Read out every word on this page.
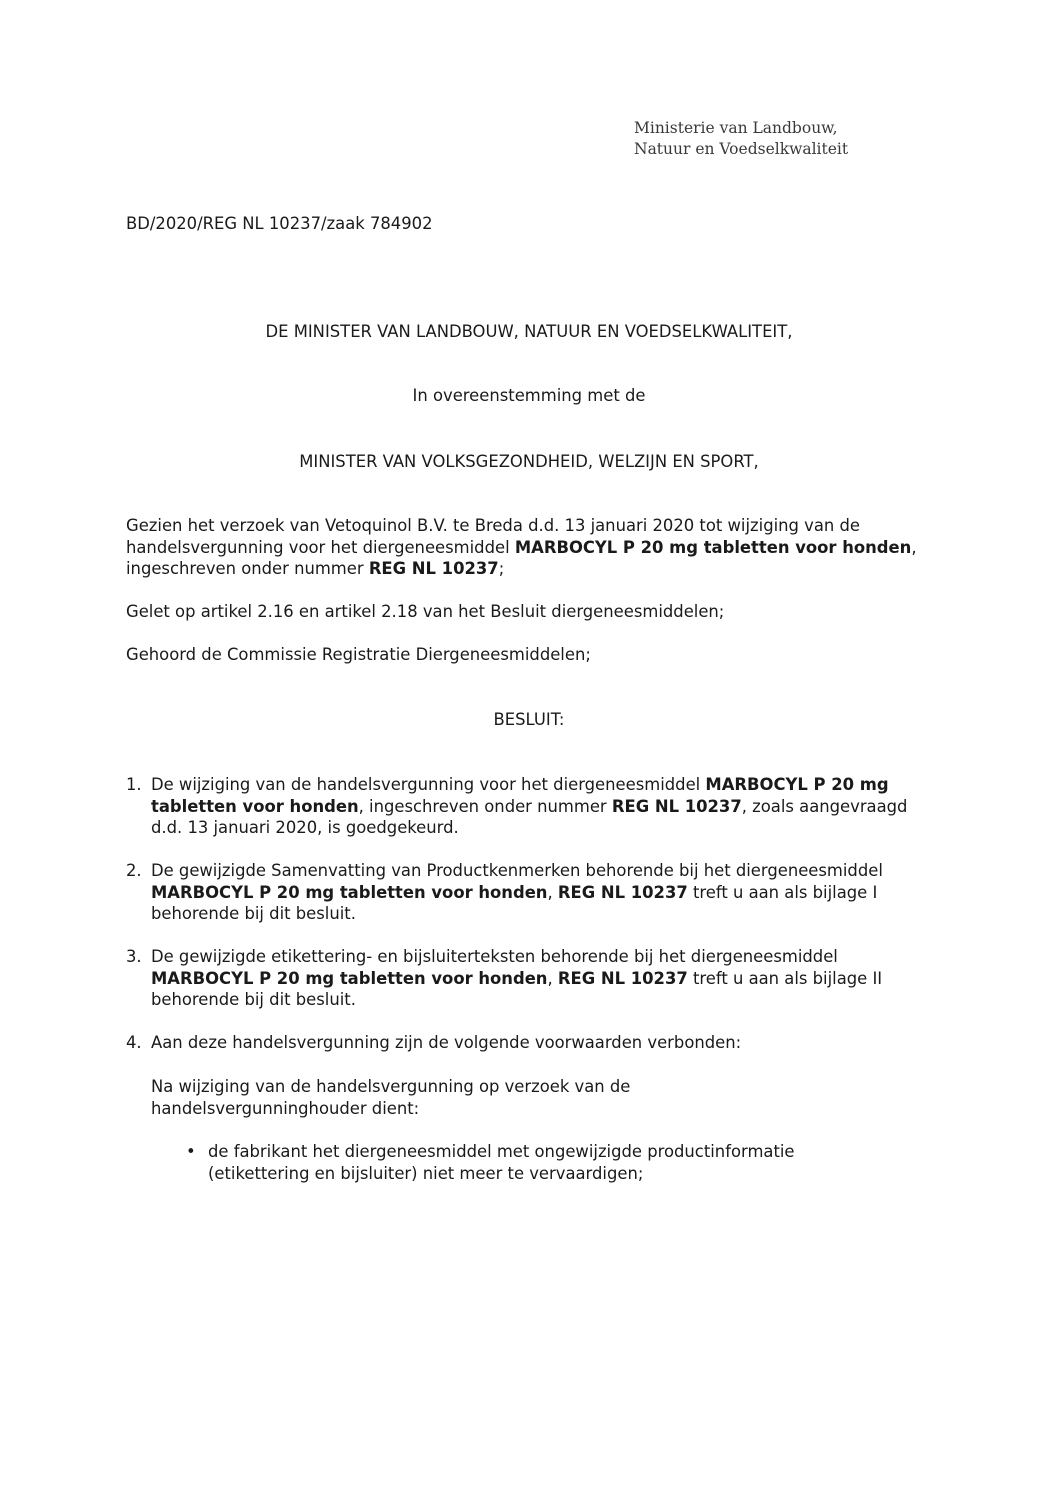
Ministerie van Landbouw,
Natuur en Voedselkwaliteit
BD/2020/REG NL 10237/zaak 784902
DE MINISTER VAN LANDBOUW, NATUUR EN VOEDSELKWALITEIT,
In overeenstemming met de
MINISTER VAN VOLKSGEZONDHEID, WELZIJN EN SPORT,
Gezien het verzoek van Vetoquinol B.V. te Breda d.d. 13 januari 2020 tot wijziging van de handelsvergunning voor het diergeneesmiddel MARBOCYL P 20 mg tabletten voor honden, ingeschreven onder nummer REG NL 10237;
Gelet op artikel 2.16 en artikel 2.18 van het Besluit diergeneesmiddelen;
Gehoord de Commissie Registratie Diergeneesmiddelen;
BESLUIT:
1. De wijziging van de handelsvergunning voor het diergeneesmiddel MARBOCYL P 20 mg tabletten voor honden, ingeschreven onder nummer REG NL 10237, zoals aangevraagd d.d. 13 januari 2020, is goedgekeurd.
2. De gewijzigde Samenvatting van Productkenmerken behorende bij het diergeneesmiddel MARBOCYL P 20 mg tabletten voor honden, REG NL 10237 treft u aan als bijlage I behorende bij dit besluit.
3. De gewijzigde etikettering- en bijsluiterteksten behorende bij het diergeneesmiddel MARBOCYL P 20 mg tabletten voor honden, REG NL 10237 treft u aan als bijlage II behorende bij dit besluit.
4. Aan deze handelsvergunning zijn de volgende voorwaarden verbonden:
Na wijziging van de handelsvergunning op verzoek van de handelsvergunninghouder dient:
• de fabrikant het diergeneesmiddel met ongewijzigde productinformatie (etikettering en bijsluiter) niet meer te vervaardigen;
